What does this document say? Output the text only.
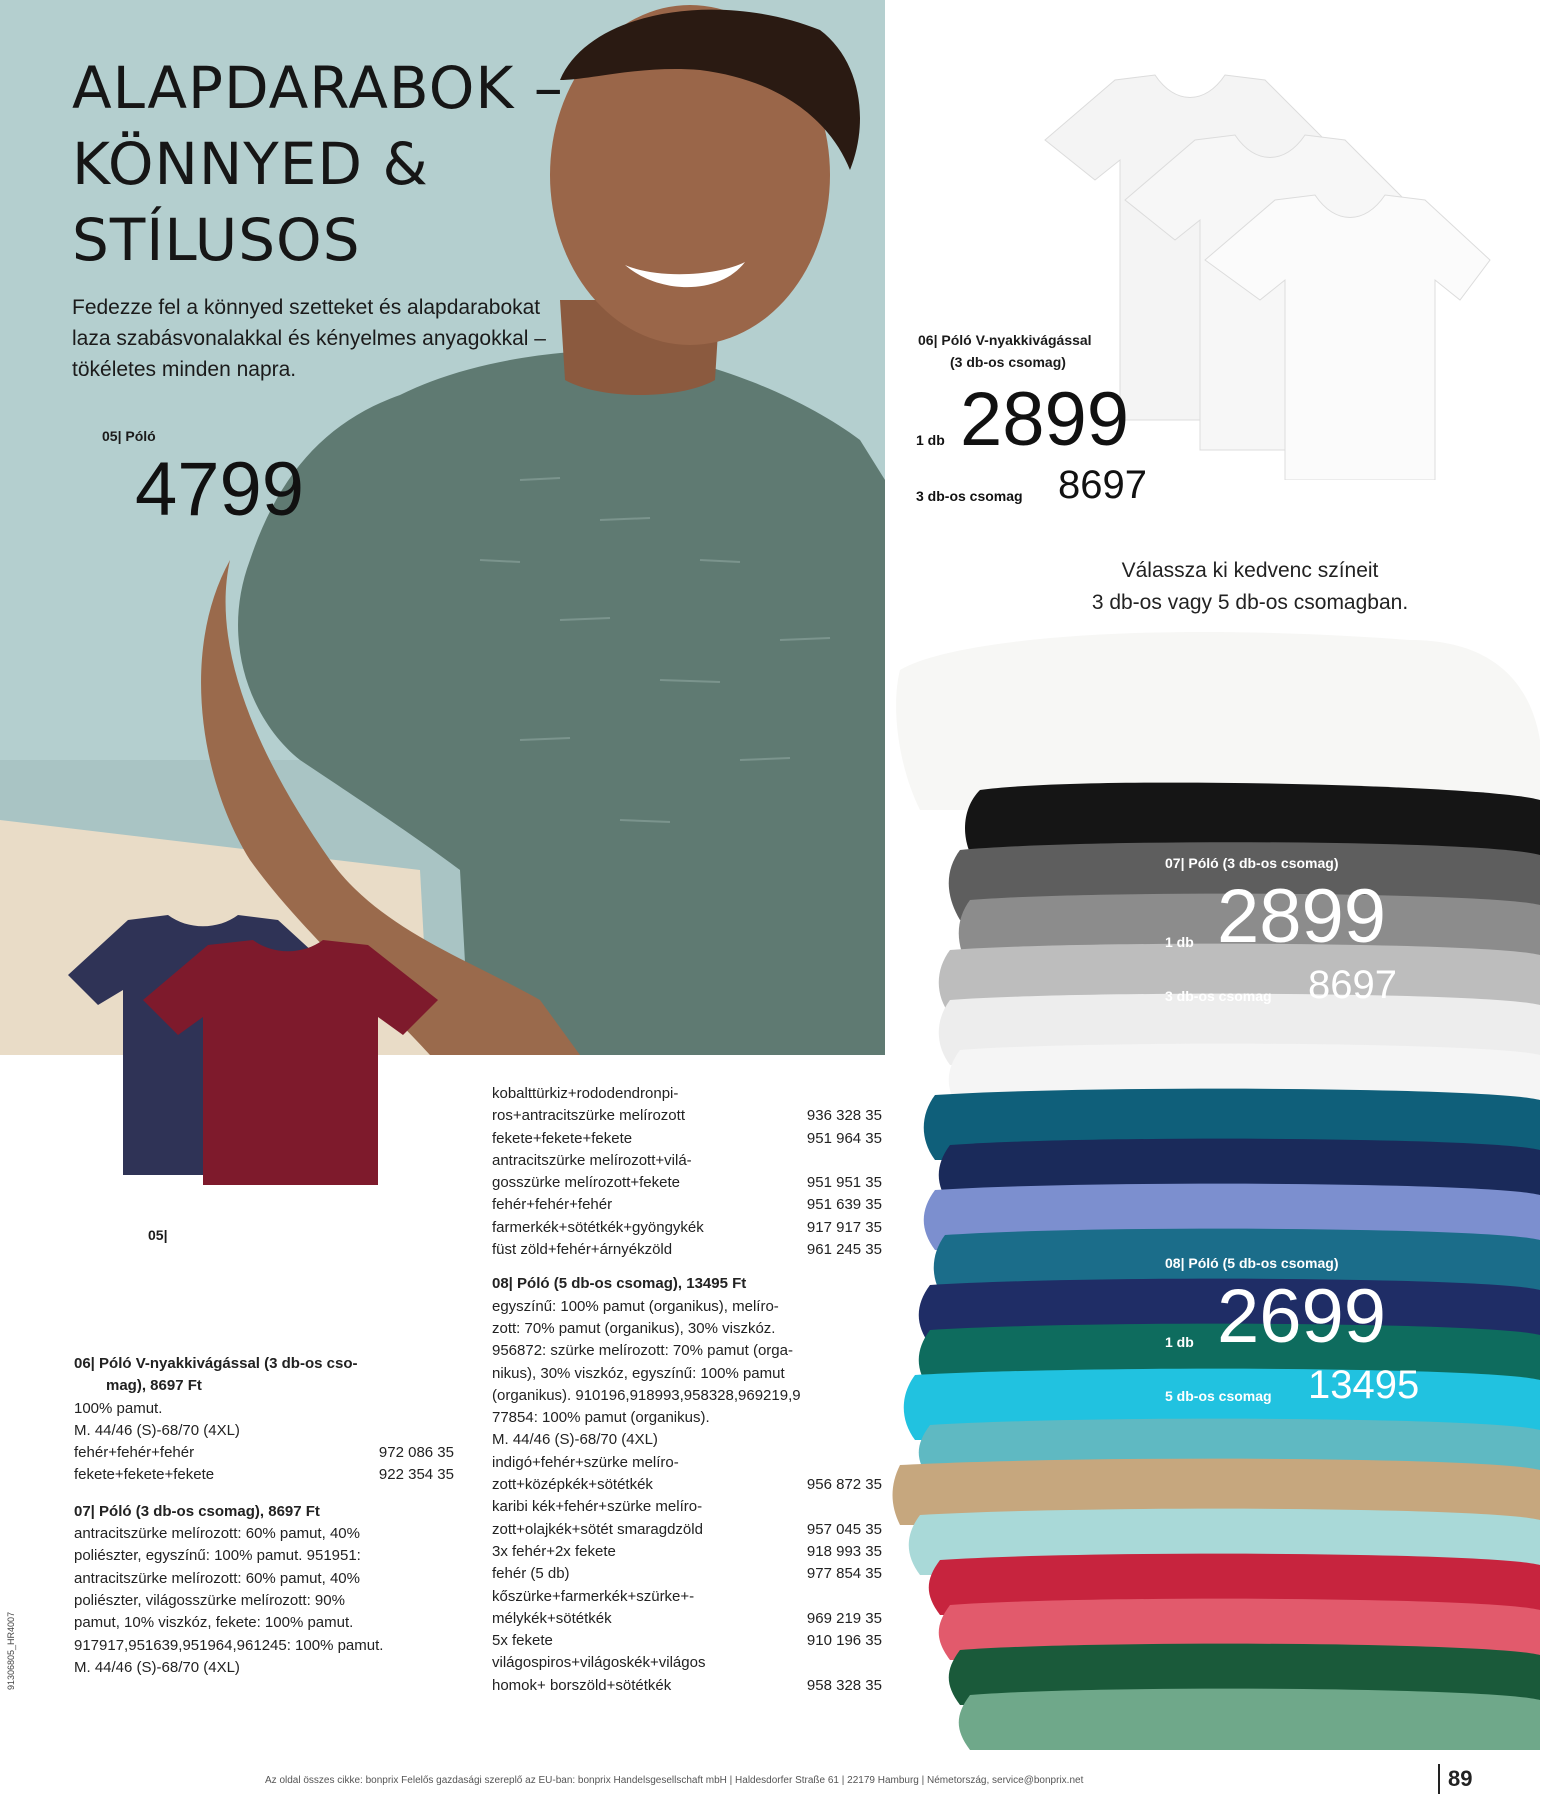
ALAPDARABOK –
KÖNNYED &
STÍLUSOS
Fedezze fel a könnyed szetteket és alapdarabokat
laza szabásvonalakkal és kényelmes anyagokkal –
tökéletes minden napra.
05| Póló
4799
05|
06| Póló V-nyakkivágással
(3 db-os csomag)
1 db 2899
3 db-os csomag 8697
Válassza ki kedvenc színeit
3 db-os vagy 5 db-os csomagban.
07| Póló (3 db-os csomag)
1 db 2899
3 db-os csomag 8697
08| Póló (5 db-os csomag)
1 db 2699
5 db-os csomag 13495
06| Póló V-nyakkivágással (3 db-os cso-
mag), 8697 Ft
100% pamut.
M. 44/46 (S)-68/70 (4XL)
fehér+fehér+fehér	972 086 35
fekete+fekete+fekete	922 354 35
07| Póló (3 db-os csomag), 8697 Ft
antracitszürke melírozott: 60% pamut, 40%
poliészter, egyszínű: 100% pamut. 951951:
antracitszürke melírozott: 60% pamut, 40%
poliészter, világosszürke melírozott: 90%
pamut, 10% viszkóz, fekete: 100% pamut.
917917,951639,951964,961245: 100% pamut.
M. 44/46 (S)-68/70 (4XL)
kobalttürkiz+rododendronpi-
ros+antracitszürke melírozott	936 328 35
fekete+fekete+fekete	951 964 35
antracitszürke melírozott+vilá-
gosszürke melírozott+fekete	951 951 35
fehér+fehér+fehér	951 639 35
farmerkék+sötétkék+gyöngykék	917 917 35
füst zöld+fehér+árnyékzöld	961 245 35
08| Póló (5 db-os csomag), 13495 Ft
egyszínű: 100% pamut (organikus), melíro-
zott: 70% pamut (organikus), 30% viszkóz.
956872: szürke melírozott: 70% pamut (orga-
nikus), 30% viszkóz, egyszínű: 100% pamut
(organikus). 910196,918993,958328,969219,9
77854: 100% pamut (organikus).
M. 44/46 (S)-68/70 (4XL)
indigó+fehér+szürke melíro-
zott+középkék+sötétkék	956 872 35
karibi kék+fehér+szürke melíro-
zott+olajkék+sötét smaragdzöld	957 045 35
3x fehér+2x fekete	918 993 35
fehér (5 db)	977 854 35
kőszürke+farmerkék+szürke+-
mélykék+sötétkék	969 219 35
5x fekete	910 196 35
világospiros+világoskék+világos
homok+ borszöld+sötétkék	958 328 35
Az oldal összes cikke: bonprix Felelős gazdasági szereplő az EU-ban: bonprix Handelsgesellschaft mbH | Haldesdorfer Straße 61 | 22179 Hamburg | Németország, service@bonprix.net	89
91306805_HR4007
